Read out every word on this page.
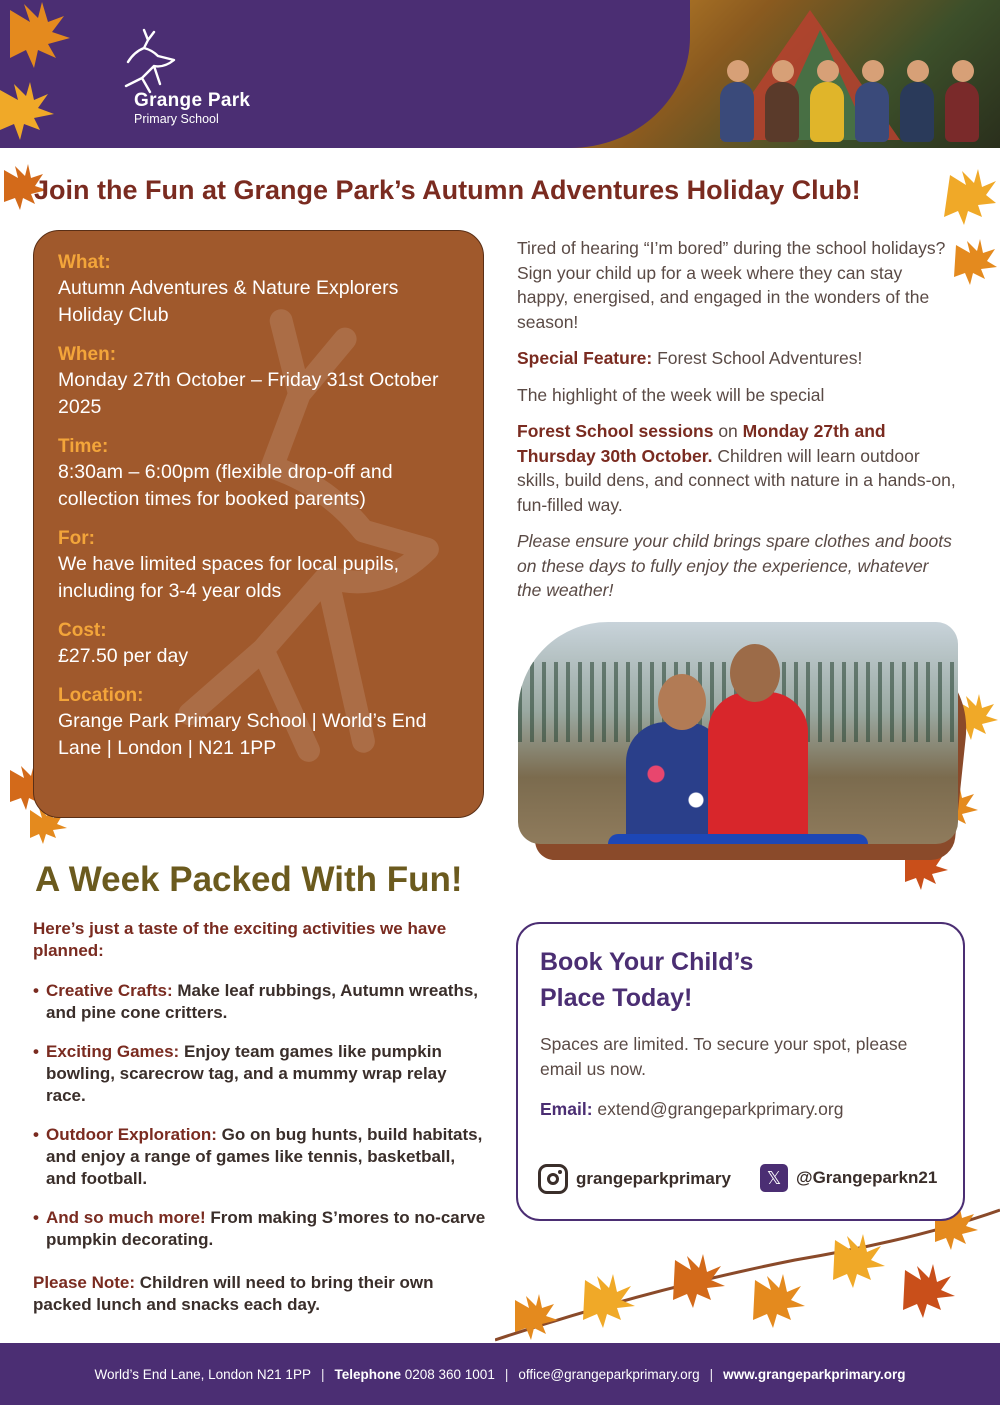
Grange Park
Primary School
Join the Fun at Grange Park’s Autumn Adventures Holiday Club!
What:
Autumn Adventures & Nature Explorers Holiday Club
When:
Monday 27th October – Friday 31st October 2025
Time:
8:30am – 6:00pm (flexible drop-off and collection times for booked parents)
For:
We have limited spaces for local pupils, including for 3-4 year olds
Cost:
£27.50 per day
Location:
Grange Park Primary School | World’s End Lane | London | N21 1PP

Tired of hearing “I’m bored” during the school holidays? Sign your child up for a week where they can stay happy, energised, and engaged in the wonders of the season!

Special Feature: Forest School Adventures!

The highlight of the week will be special

Forest School sessions on Monday 27th and Thursday 30th October. Children will learn outdoor skills, build dens, and connect with nature in a hands-on, fun-filled way.

Please ensure your child brings spare clothes and boots on these days to fully enjoy the experience, whatever the weather!

A Week Packed With Fun!
Here’s just a taste of the exciting activities we have planned:
• Creative Crafts: Make leaf rubbings, Autumn wreaths, and pine cone critters.
• Exciting Games: Enjoy team games like pumpkin bowling, scarecrow tag, and a mummy wrap relay race.
• Outdoor Exploration: Go on bug hunts, build habitats, and enjoy a range of games like tennis, basketball, and football.
• And so much more! From making S’mores to no-carve pumpkin decorating.
Please Note: Children will need to bring their own packed lunch and snacks each day.
Book Your Child’s Place Today!
Spaces are limited. To secure your spot, please email us now.
Email: extend@grangeparkprimary.org
grangeparkprimary	𝕏 @Grangeparkn21
World’s End Lane, London N21 1PP | Telephone 0208 360 1001 | office@grangeparkprimary.org | www.grangeparkprimary.org
